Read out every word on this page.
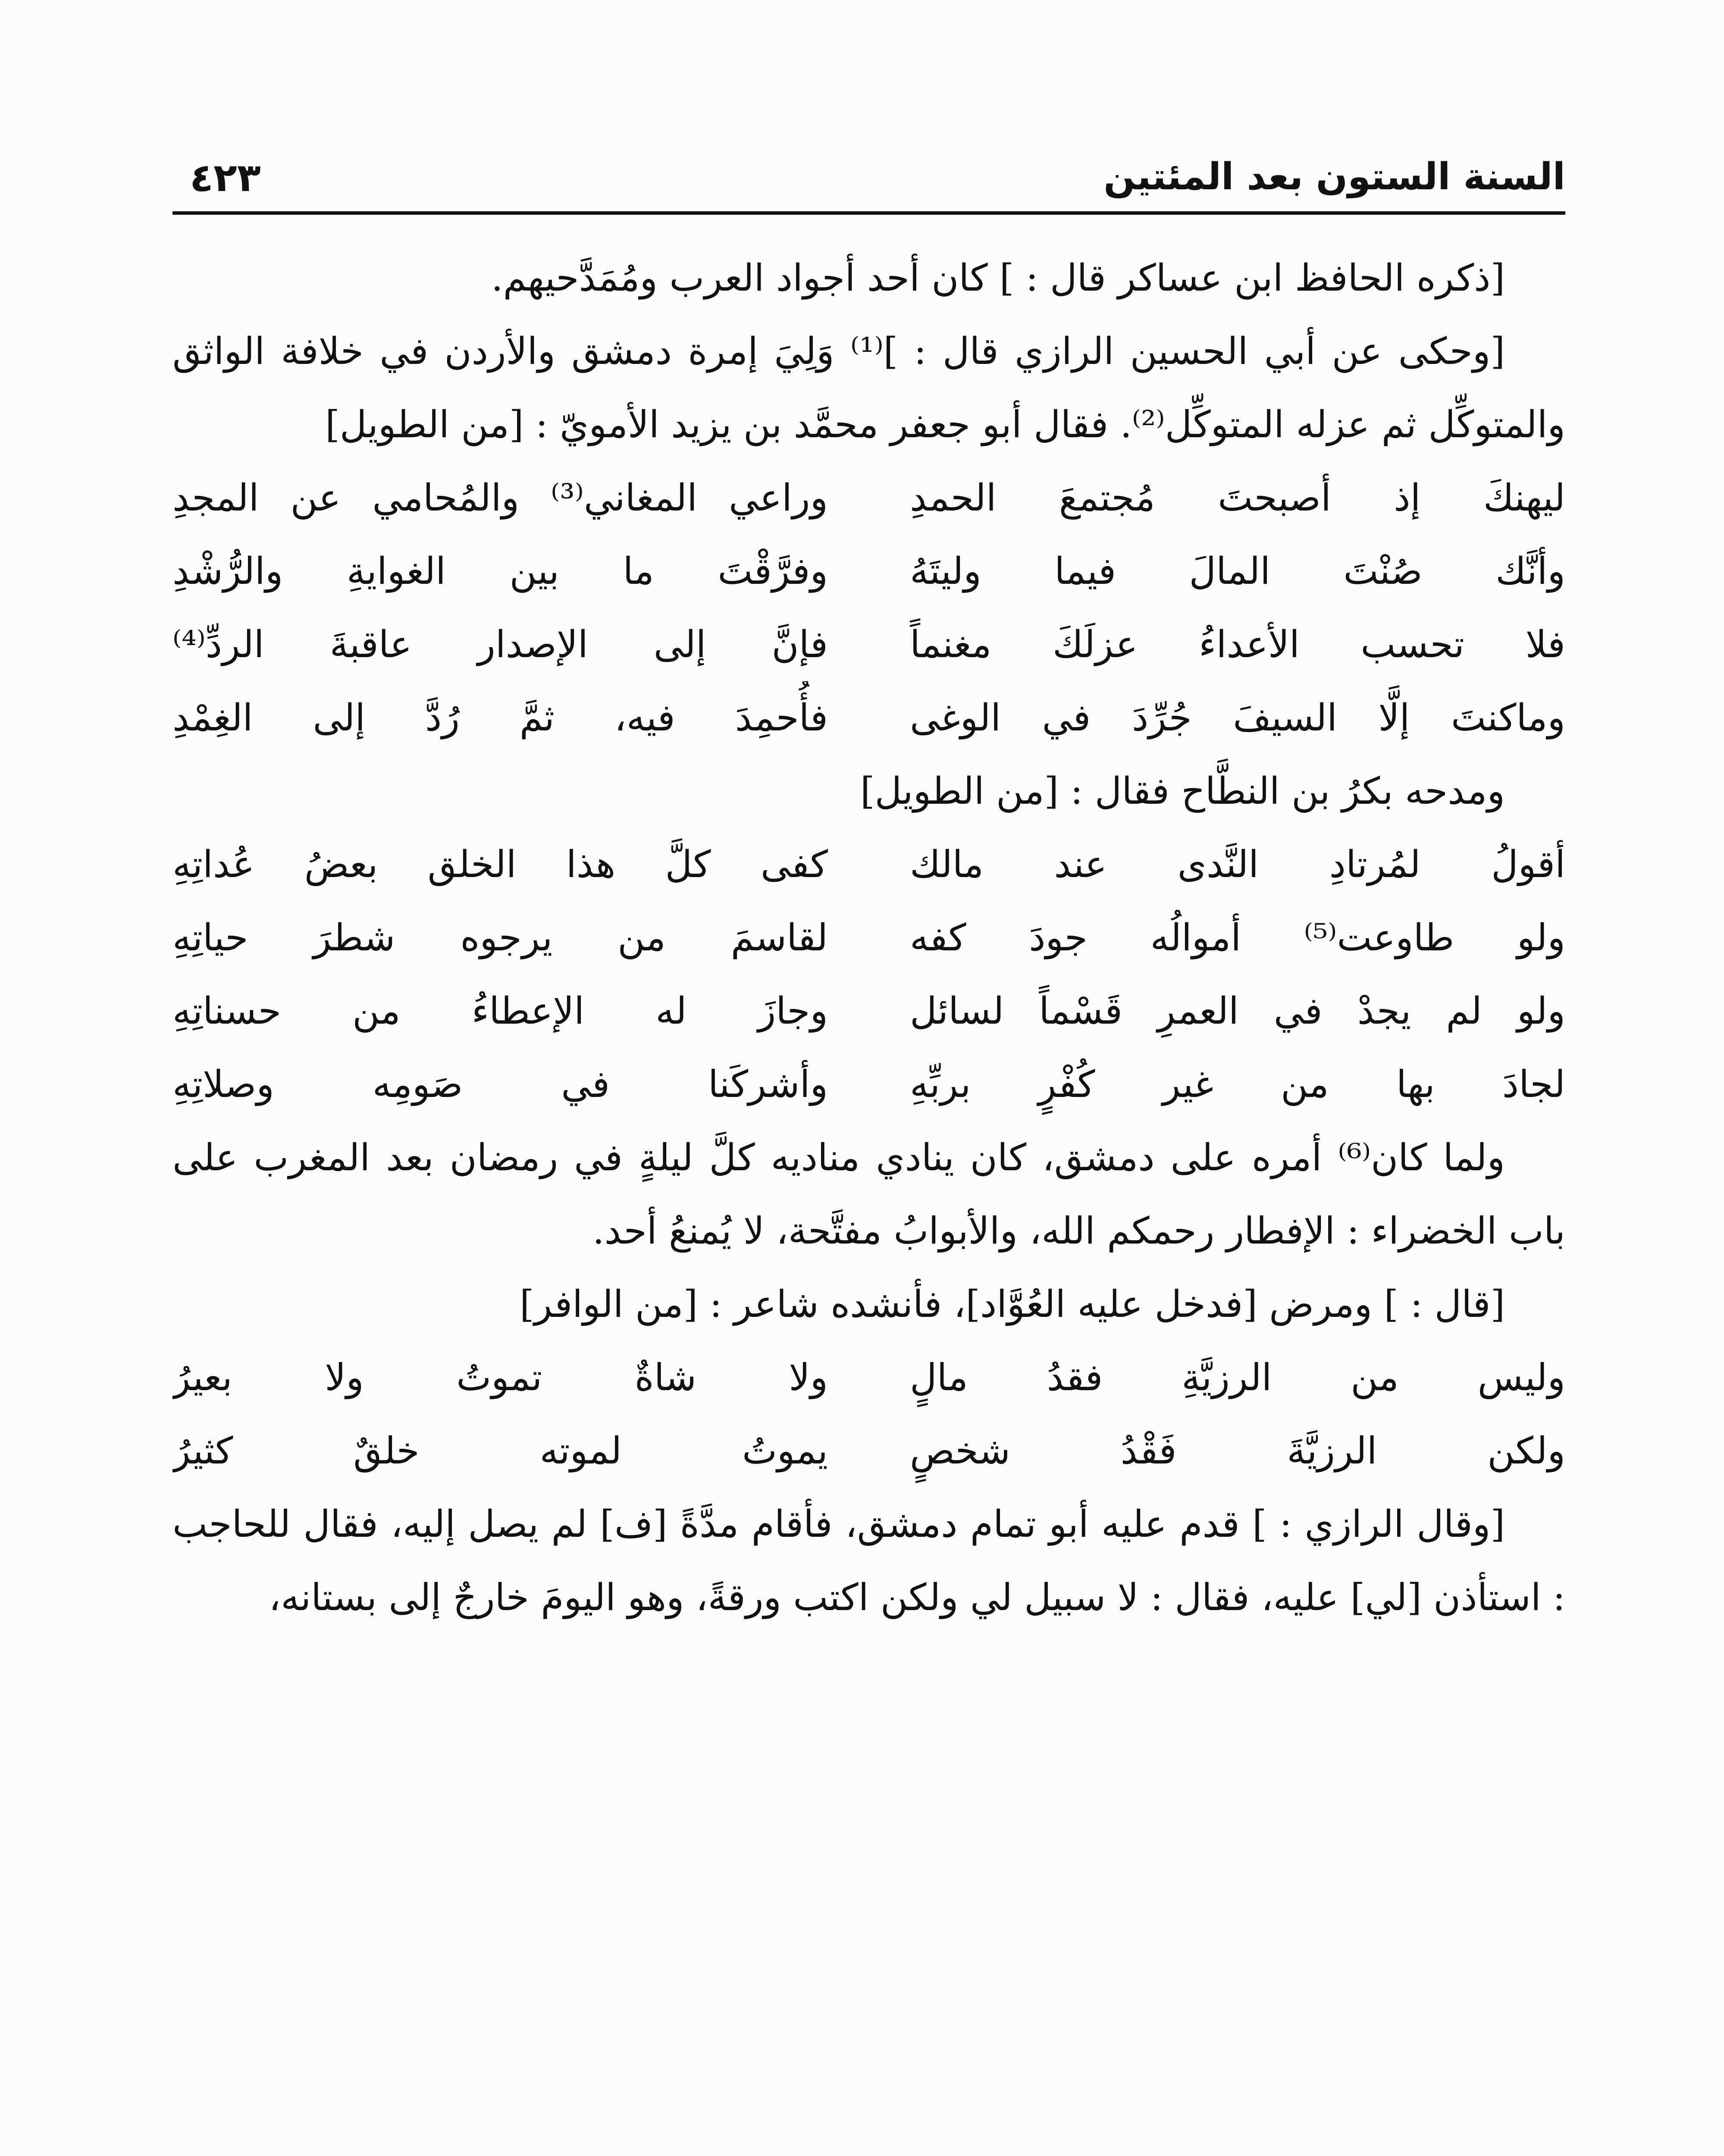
السنة الستون بعد المئتين
٤٢٣

[ذكره الحافظ ابن عساكر قال : ] كان أحد أجواد العرب ومُمَدَّحيهم.

[وحكى عن أبي الحسين الرازي قال : ]⁽¹⁾ وَلِيَ إمرة دمشق والأردن في خلافة الواثق والمتوكِّل ثم عزله المتوكِّل⁽²⁾. فقال أبو جعفر محمَّد بن يزيد الأمويّ : [من الطويل]

ليهنكَ إذ أصبحتَ مُجتمعَ الحمدِ
وراعي المغاني⁽³⁾ والمُحامي عن المجدِ
وأنَّك صُنْتَ المالَ فيما وليتَهُ
وفرَّقْتَ ما بين الغوايةِ والرُّشْدِ
فلا تحسب الأعداءُ عزلَكَ مغنماً
فإنَّ إلى الإصدار عاقبةَ الردِّ⁽⁴⁾
وماكنتَ إلَّا السيفَ جُرِّدَ في الوغى
فأُحمِدَ فيه، ثمَّ رُدَّ إلى الغِمْدِ

ومدحه بكرُ بن النطَّاح فقال : [من الطويل]

أقولُ لمُرتادِ النَّدى عند مالك
كفى كلَّ هذا الخلق بعضُ عُداتِهِ
ولو طاوعت⁽⁵⁾ أموالُه جودَ كفه
لقاسمَ من يرجوه شطرَ حياتِهِ
ولو لم يجدْ في العمرِ قَسْماً لسائل
وجازَ له الإعطاءُ من حسناتِهِ
لجادَ بها من غير كُفْرٍ بربِّهِ
وأشركَنا في صَومِه وصلاتِهِ

ولما كان⁽⁶⁾ أمره على دمشق، كان ينادي مناديه كلَّ ليلةٍ في رمضان بعد المغرب على باب الخضراء : الإفطار رحمكم الله، والأبوابُ مفتَّحة، لا يُمنعُ أحد.

[قال : ] ومرض [فدخل عليه العُوَّاد]، فأنشده شاعر : [من الوافر]

وليس من الرزيَّةِ فقدُ مالٍ
ولا شاةٌ تموتُ ولا بعيرُ
ولكن الرزيَّةَ فَقْدُ شخصٍ
يموتُ لموته خلقٌ كثيرُ

[وقال الرازي : ] قدم عليه أبو تمام دمشق، فأقام مدَّةً [ف] لم يصل إليه، فقال للحاجب : استأذن [لي] عليه، فقال : لا سبيل لي ولكن اكتب ورقةً، وهو اليومَ خارجٌ إلى بستانه،
